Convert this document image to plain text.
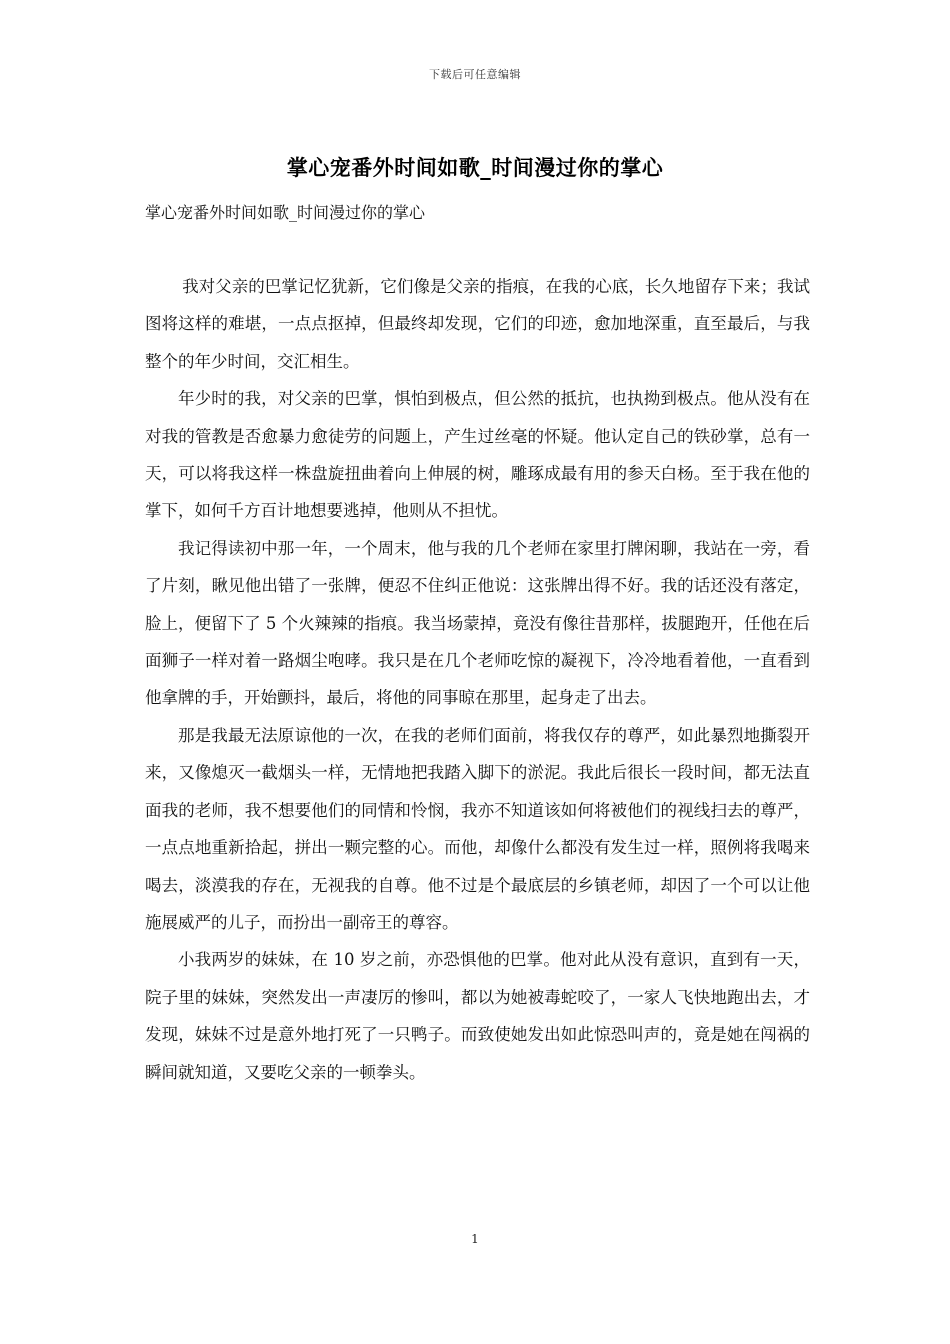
下载后可任意编辑
掌心宠番外时间如歌_时间漫过你的掌心
掌心宠番外时间如歌_时间漫过你的掌心

我对父亲的巴掌记忆犹新，它们像是父亲的指痕，在我的心底，长久地留存下来；我试图将这样的难堪，一点点抠掉，但最终却发现，它们的印迹，愈加地深重，直至最后，与我整个的年少时间，交汇相生。

年少时的我，对父亲的巴掌，惧怕到极点，但公然的抵抗，也执拗到极点。他从没有在对我的管教是否愈暴力愈徒劳的问题上，产生过丝毫的怀疑。他认定自己的铁砂掌，总有一天，可以将我这样一株盘旋扭曲着向上伸展的树，雕琢成最有用的参天白杨。至于我在他的掌下，如何千方百计地想要逃掉，他则从不担忧。

我记得读初中那一年，一个周末，他与我的几个老师在家里打牌闲聊，我站在一旁，看了片刻，瞅见他出错了一张牌，便忍不住纠正他说：这张牌出得不好。我的话还没有落定，脸上，便留下了 5 个火辣辣的指痕。我当场蒙掉，竟没有像往昔那样，拔腿跑开，任他在后面狮子一样对着一路烟尘咆哮。我只是在几个老师吃惊的凝视下，冷冷地看着他，一直看到他拿牌的手，开始颤抖，最后，将他的同事晾在那里，起身走了出去。

那是我最无法原谅他的一次，在我的老师们面前，将我仅存的尊严，如此暴烈地撕裂开来，又像熄灭一截烟头一样，无情地把我踏入脚下的淤泥。我此后很长一段时间，都无法直面我的老师，我不想要他们的同情和怜悯，我亦不知道该如何将被他们的视线扫去的尊严，一点点地重新拾起，拼出一颗完整的心。而他，却像什么都没有发生过一样，照例将我喝来喝去，淡漠我的存在，无视我的自尊。他不过是个最底层的乡镇老师，却因了一个可以让他施展威严的儿子，而扮出一副帝王的尊容。

小我两岁的妹妹，在 10 岁之前，亦恐惧他的巴掌。他对此从没有意识，直到有一天，院子里的妹妹，突然发出一声凄厉的惨叫，都以为她被毒蛇咬了，一家人飞快地跑出去，才发现，妹妹不过是意外地打死了一只鸭子。而致使她发出如此惊恐叫声的，竟是她在闯祸的瞬间就知道，又要吃父亲的一顿拳头。

1
